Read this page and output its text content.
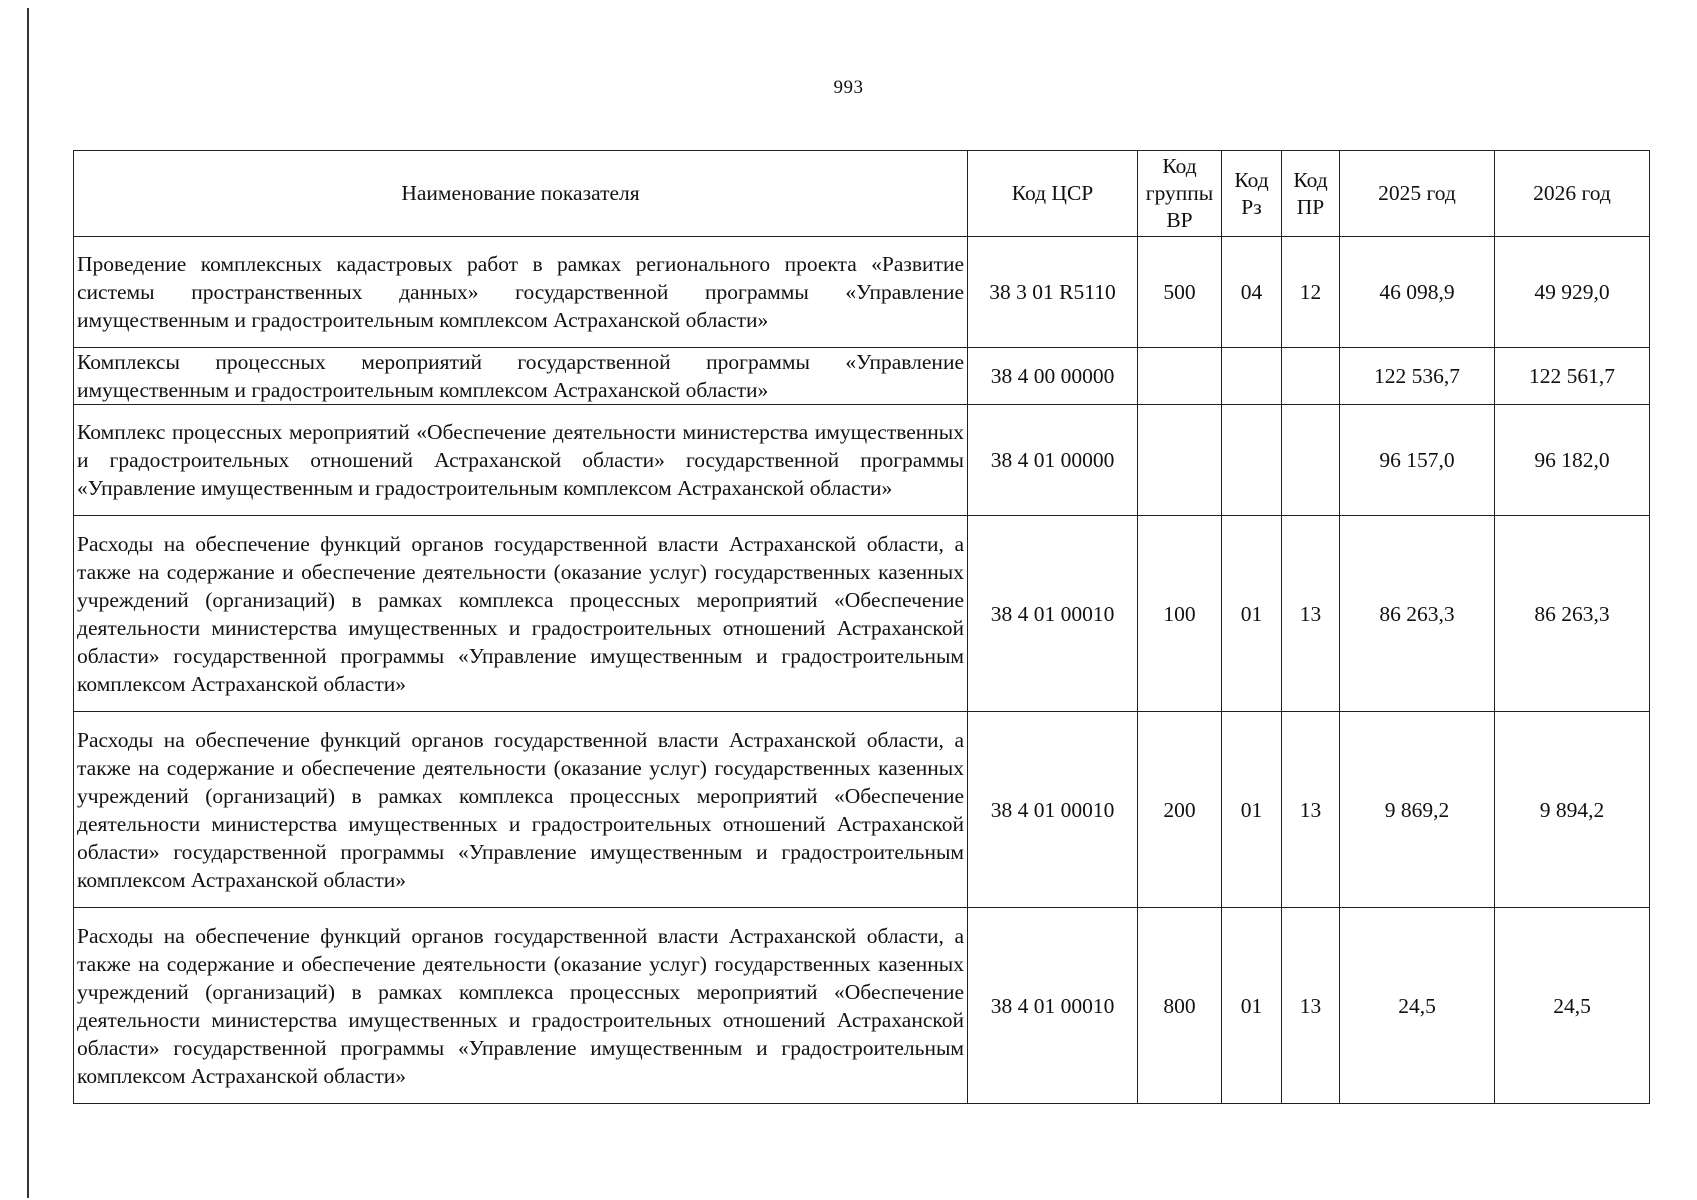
993
Наименование показателя	Код ЦСР	Код группы ВР	Код Рз	Код ПР	2025 год	2026 год
Проведение комплексных кадастровых работ в рамках регионального проекта «Развитие системы пространственных данных» государственной программы «Управление имущественным и градостроительным комплексом Астраханской области»	38 3 01 R5110	500	04	12	46 098,9	49 929,0
Комплексы процессных мероприятий государственной программы «Управление имущественным и градостроительным комплексом Астраханской области»	38 4 00 00000				122 536,7	122 561,7
Комплекс процессных мероприятий «Обеспечение деятельности министерства имущественных и градостроительных отношений Астраханской области» государственной программы «Управление имущественным и градостроительным комплексом Астраханской области»	38 4 01 00000				96 157,0	96 182,0
Расходы на обеспечение функций органов государственной власти Астраханской области, а также на содержание и обеспечение деятельности (оказание услуг) государственных казенных учреждений (организаций) в рамках комплекса процессных мероприятий «Обеспечение деятельности министерства имущественных и градостроительных отношений Астраханской области» государственной программы «Управление имущественным и градостроительным комплексом Астраханской области»	38 4 01 00010	100	01	13	86 263,3	86 263,3
Расходы на обеспечение функций органов государственной власти Астраханской области, а также на содержание и обеспечение деятельности (оказание услуг) государственных казенных учреждений (организаций) в рамках комплекса процессных мероприятий «Обеспечение деятельности министерства имущественных и градостроительных отношений Астраханской области» государственной программы «Управление имущественным и градостроительным комплексом Астраханской области»	38 4 01 00010	200	01	13	9 869,2	9 894,2
Расходы на обеспечение функций органов государственной власти Астраханской области, а также на содержание и обеспечение деятельности (оказание услуг) государственных казенных учреждений (организаций) в рамках комплекса процессных мероприятий «Обеспечение деятельности министерства имущественных и градостроительных отношений Астраханской области» государственной программы «Управление имущественным и градостроительным комплексом Астраханской области»	38 4 01 00010	800	01	13	24,5	24,5
